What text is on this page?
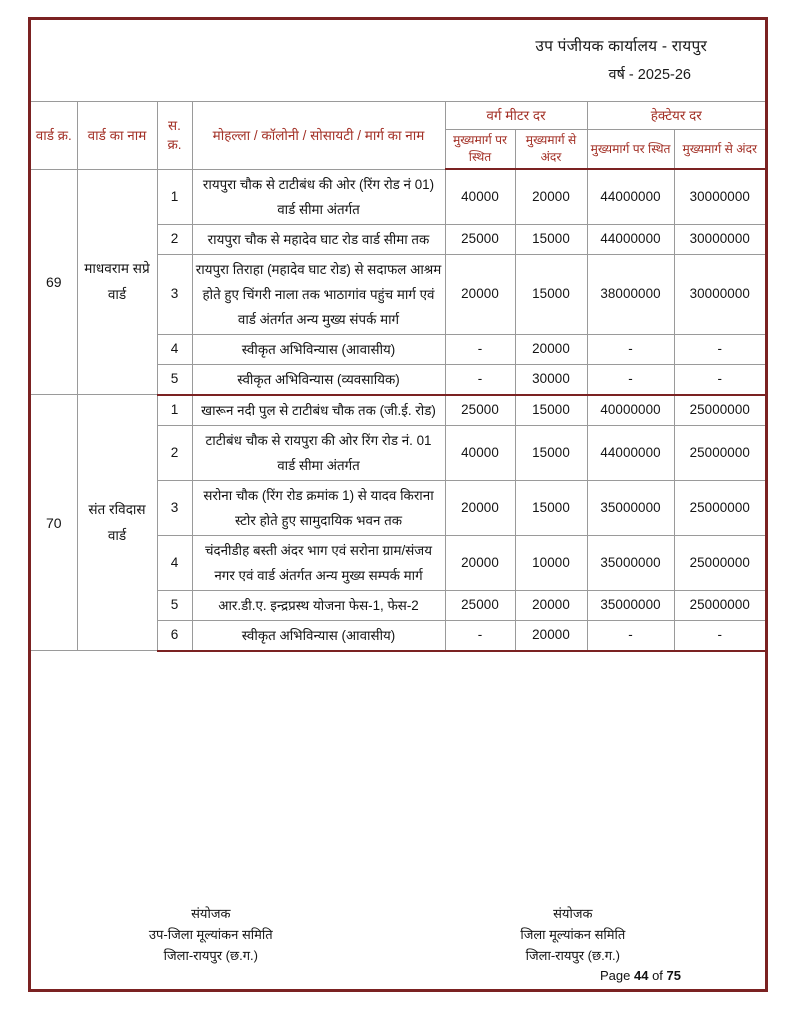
उप पंजीयक कार्यालय - रायपुर
वर्ष - 2025-26
वार्ड क्र.	वार्ड का नाम	स. क्र.	मोहल्ला / कॉलोनी / सोसायटी / मार्ग का नाम	वर्ग मीटर दर		हेक्टेयर दर	
				मुख्यमार्ग पर स्थित	मुख्यमार्ग से अंदर	मुख्यमार्ग पर स्थित	मुख्यमार्ग से अंदर
69	माधवराम सप्रे वार्ड	1	रायपुरा चौक से टाटीबंध की ओर (रिंग रोड नं 01) वार्ड सीमा अंतर्गत	40000	20000	44000000	30000000
		2	रायपुरा चौक से महादेव घाट रोड वार्ड सीमा तक	25000	15000	44000000	30000000
		3	रायपुरा तिराहा (महादेव घाट रोड) से सदाफल आश्रम होते हुए चिंगरी नाला तक भाठागांव पहुंच मार्ग एवं वार्ड अंतर्गत अन्य मुख्य संपर्क मार्ग	20000	15000	38000000	30000000
		4	स्वीकृत अभिविन्यास (आवासीय)	-	20000	-	-
		5	स्वीकृत अभिविन्यास (व्यवसायिक)	-	30000	-	-
70	संत रविदास वार्ड	1	खारून नदी पुल से टाटीबंध चौक तक (जी.ई. रोड)	25000	15000	40000000	25000000
		2	टाटीबंध चौक से रायपुरा की ओर रिंग रोड नं. 01 वार्ड सीमा अंतर्गत	40000	15000	44000000	25000000
		3	सरोना चौक (रिंग रोड क्रमांक 1) से यादव किराना स्टोर होते हुए सामुदायिक भवन तक	20000	15000	35000000	25000000
		4	चंदनीडीह बस्ती अंदर भाग एवं सरोना ग्राम/संजय नगर एवं वार्ड अंतर्गत अन्य मुख्य सम्पर्क मार्ग	20000	10000	35000000	25000000
		5	आर.डी.ए. इन्द्रप्रस्थ योजना फेस-1, फेस-2	25000	20000	35000000	25000000
		6	स्वीकृत अभिविन्यास (आवासीय)	-	20000	-	-
संयोजक
उप-जिला मूल्यांकन समिति
जिला-रायपुर (छ.ग.)
संयोजक
जिला मूल्यांकन समिति
जिला-रायपुर (छ.ग.)
Page 44 of 75
